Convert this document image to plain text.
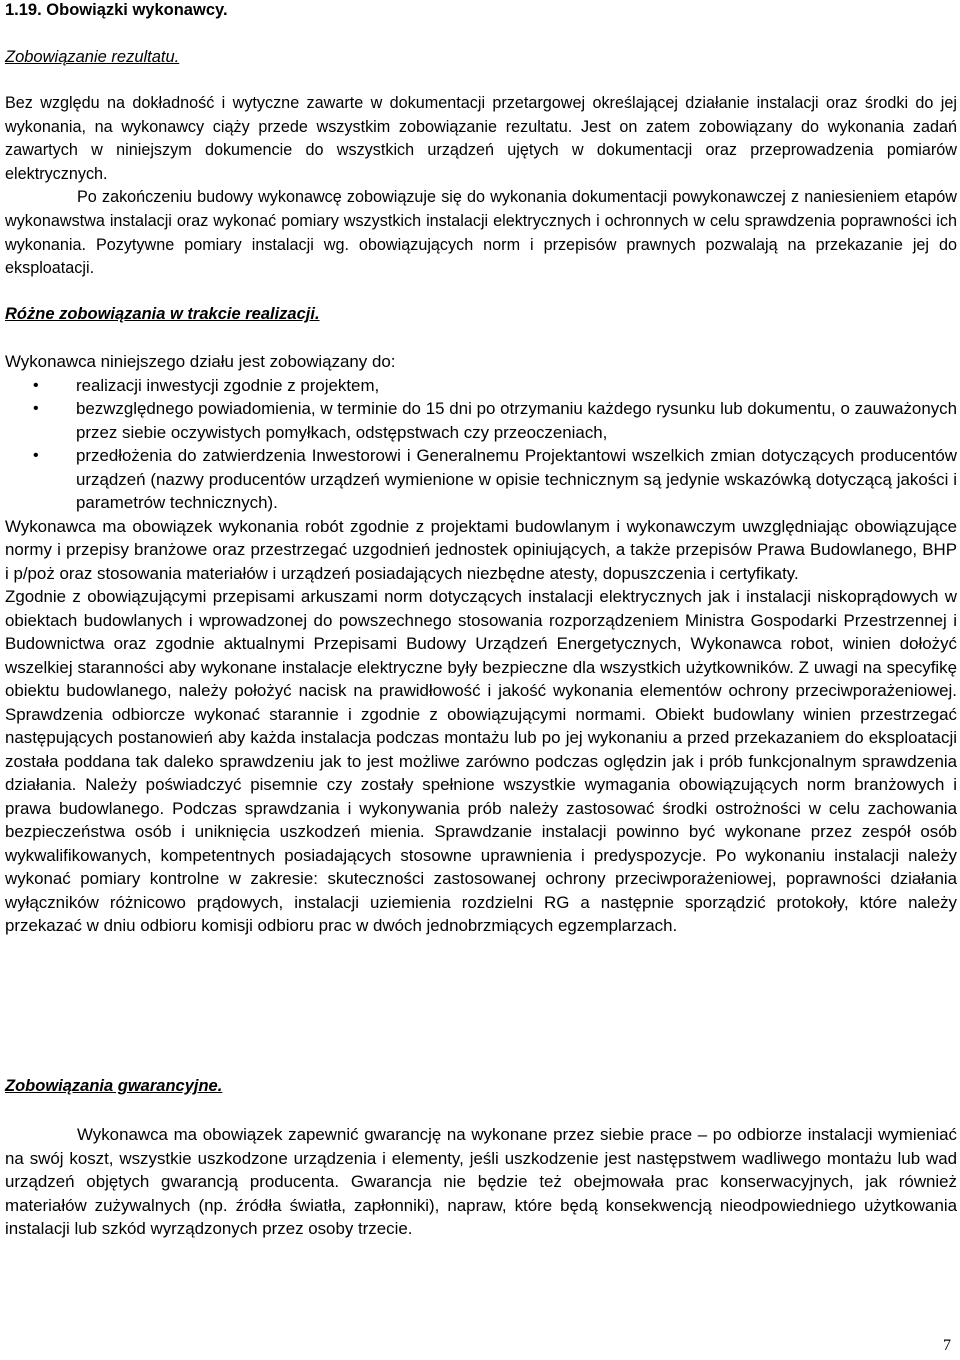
1.19. Obowiązki wykonawcy.
Zobowiązanie rezultatu.

Bez względu na dokładność i wytyczne zawarte w dokumentacji przetargowej określającej działanie instalacji oraz środki do jej wykonania, na wykonawcy ciąży przede wszystkim zobowiązanie rezultatu. Jest on zatem zobowiązany do wykonania zadań zawartych w niniejszym dokumencie do wszystkich urządzeń ujętych w dokumentacji oraz przeprowadzenia pomiarów elektrycznych.

Po zakończeniu budowy wykonawcę zobowiązuje się do wykonania dokumentacji powykonawczej z naniesieniem etapów wykonawstwa instalacji oraz wykonać pomiary wszystkich instalacji elektrycznych i ochronnych w celu sprawdzenia poprawności ich wykonania. Pozytywne pomiary instalacji wg. obowiązujących norm i przepisów prawnych pozwalają na przekazanie jej do eksploatacji.

Różne zobowiązania w trakcie realizacji.

Wykonawca niniejszego działu jest zobowiązany do:

• realizacji inwestycji zgodnie z projektem,
• bezwzględnego powiadomienia, w terminie do 15 dni po otrzymaniu każdego rysunku lub dokumentu, o zauważonych przez siebie oczywistych pomyłkach, odstępstwach czy przeoczeniach,
• przedłożenia do zatwierdzenia Inwestorowi i Generalnemu Projektantowi wszelkich zmian dotyczących producentów urządzeń (nazwy producentów urządzeń wymienione w opisie technicznym są jedynie wskazówką dotyczącą jakości i parametrów technicznych).

Wykonawca ma obowiązek wykonania robót zgodnie z projektami budowlanym i wykonawczym uwzględniając obowiązujące normy i przepisy branżowe oraz przestrzegać uzgodnień jednostek opiniujących, a także przepisów Prawa Budowlanego, BHP i p/poż oraz stosowania materiałów i urządzeń posiadających niezbędne atesty, dopuszczenia i certyfikaty.

Zgodnie z obowiązującymi przepisami arkuszami norm dotyczących instalacji elektrycznych jak i instalacji niskoprądowych w obiektach budowlanych i wprowadzonej do powszechnego stosowania rozporządzeniem Ministra Gospodarki Przestrzennej i Budownictwa oraz zgodnie aktualnymi Przepisami Budowy Urządzeń Energetycznych, Wykonawca robot, winien dołożyć wszelkiej staranności aby wykonane instalacje elektryczne były bezpieczne dla wszystkich użytkowników. Z uwagi na specyfikę obiektu budowlanego, należy położyć nacisk na prawidłowość i jakość wykonania elementów ochrony przeciwporażeniowej. Sprawdzenia odbiorcze wykonać starannie i zgodnie z obowiązującymi normami. Obiekt budowlany winien przestrzegać następujących postanowień aby każda instalacja podczas montażu lub po jej wykonaniu a przed przekazaniem do eksploatacji została poddana tak daleko sprawdzeniu jak to jest możliwe zarówno podczas oględzin jak i prób funkcjonalnym sprawdzenia działania. Należy poświadczyć pisemnie czy zostały spełnione wszystkie wymagania obowiązujących norm branżowych i prawa budowlanego. Podczas sprawdzania i wykonywania prób należy zastosować środki ostrożności w celu zachowania bezpieczeństwa osób i uniknięcia uszkodzeń mienia. Sprawdzanie instalacji powinno być wykonane przez zespół osób wykwalifikowanych, kompetentnych posiadających stosowne uprawnienia i predyspozycje. Po wykonaniu instalacji należy wykonać pomiary kontrolne w zakresie: skuteczności zastosowanej ochrony przeciwporażeniowej, poprawności działania wyłączników różnicowo prądowych, instalacji uziemienia rozdzielni RG a następnie sporządzić protokoły, które należy przekazać w dniu odbioru komisji odbioru prac w dwóch jednobrzmiących egzemplarzach.

Zobowiązania gwarancyjne.

Wykonawca ma obowiązek zapewnić gwarancję na wykonane przez siebie prace – po odbiorze instalacji wymieniać na swój koszt, wszystkie uszkodzone urządzenia i elementy, jeśli uszkodzenie jest następstwem wadliwego montażu lub wad urządzeń objętych gwarancją producenta. Gwarancja nie będzie też obejmowała prac konserwacyjnych, jak również materiałów zużywalnych (np. źródła światła, zapłonniki), napraw, które będą konsekwencją nieodpowiedniego użytkowania instalacji lub szkód wyrządzonych przez osoby trzecie.

7
